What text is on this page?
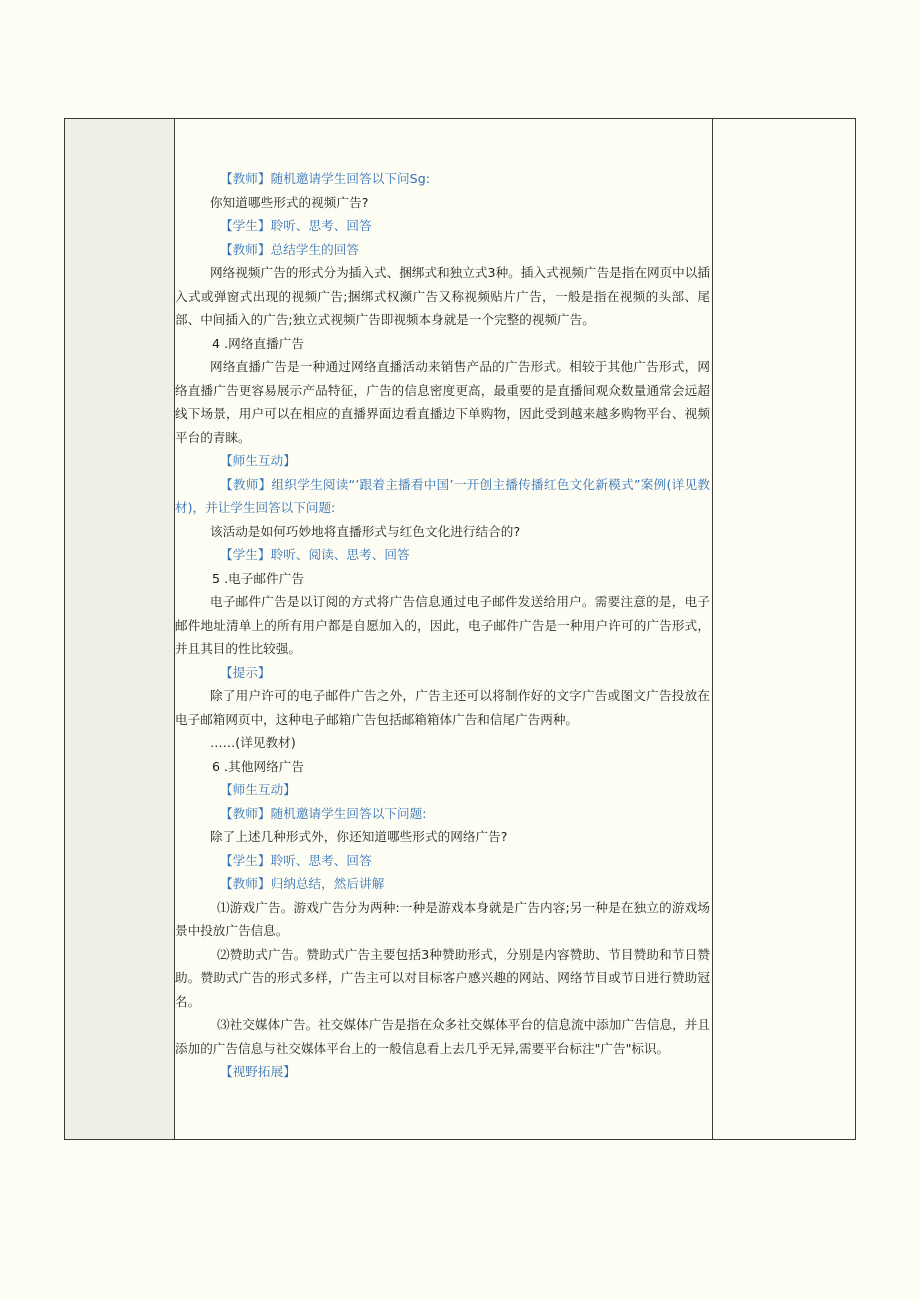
【教师】随机邀请学生回答以下问Sg:
你知道哪些形式的视频广告?
【学生】聆听、思考、回答
【教师】总结学生的回答

网络视频广告的形式分为插入式、捆绑式和独立式3种。插入式视频广告是指在网页中以插入式或弹窗式出现的视频广告;捆绑式权濒广告又称视频贴片广告，一般是指在视频的头部、尾部、中间插入的广告;独立式视频广告即视频本身就是一个完整的视频广告。

4 .网络直播广告

网络直播广告是一种通过网络直播活动来销售产品的广告形式。相较于其他广告形式，网络直播广告更容易展示产品特征，广告的信息密度更高，最重要的是直播间观众数量通常会远超线下场景，用户可以在相应的直播界面边看直播边下单购物，因此受到越来越多购物平台、视频平台的青睐。

【师生互动】

【教师】组织学生阅读“’跟着主播看中国’一开创主播传播红色文化新模式”案例(详见教材)，并让学生回答以下问题:

该活动是如何巧妙地将直播形式与红色文化进行结合的?
【学生】聆听、阅读、思考、回答
5 .电子邮件广告

电子邮件广告是以订阅的方式将广告信息通过电子邮件发送给用户。需要注意的是，电子邮件地址清单上的所有用户都是自愿加入的，因此，电子邮件广告是一种用户许可的广告形式，并且其目的性比较强。

【提示】

除了用户许可的电子邮件广告之外，广告主还可以将制作好的文字广告或图文广告投放在电子邮箱网页中，这种电子邮箱广告包括邮箱箱体广告和信尾广告两种。

……(详见教材)
6 .其他网络广告
【师生互动】
【教师】随机邀请学生回答以下问题:
除了上述几种形式外，你还知道哪些形式的网络广告?
【学生】聆听、思考、回答
【教师】归纳总结，然后讲解

⑴游戏广告。游戏广告分为两种:一种是游戏本身就是广告内容;另一种是在独立的游戏场景中投放广告信息。

⑵赞助式广告。赞助式广告主要包括3种赞助形式，分别是内容赞助、节目赞助和节日赞助。赞助式广告的形式多样，广告主可以对目标客户感兴趣的网站、网络节目或节日进行赞助冠名。

⑶社交媒体广告。社交媒体广告是指在众多社交媒体平台的信息流中添加广告信息，并且添加的广告信息与社交媒体平台上的一般信息看上去几乎无异,需要平台标注"广告"标识。

【视野拓展】
